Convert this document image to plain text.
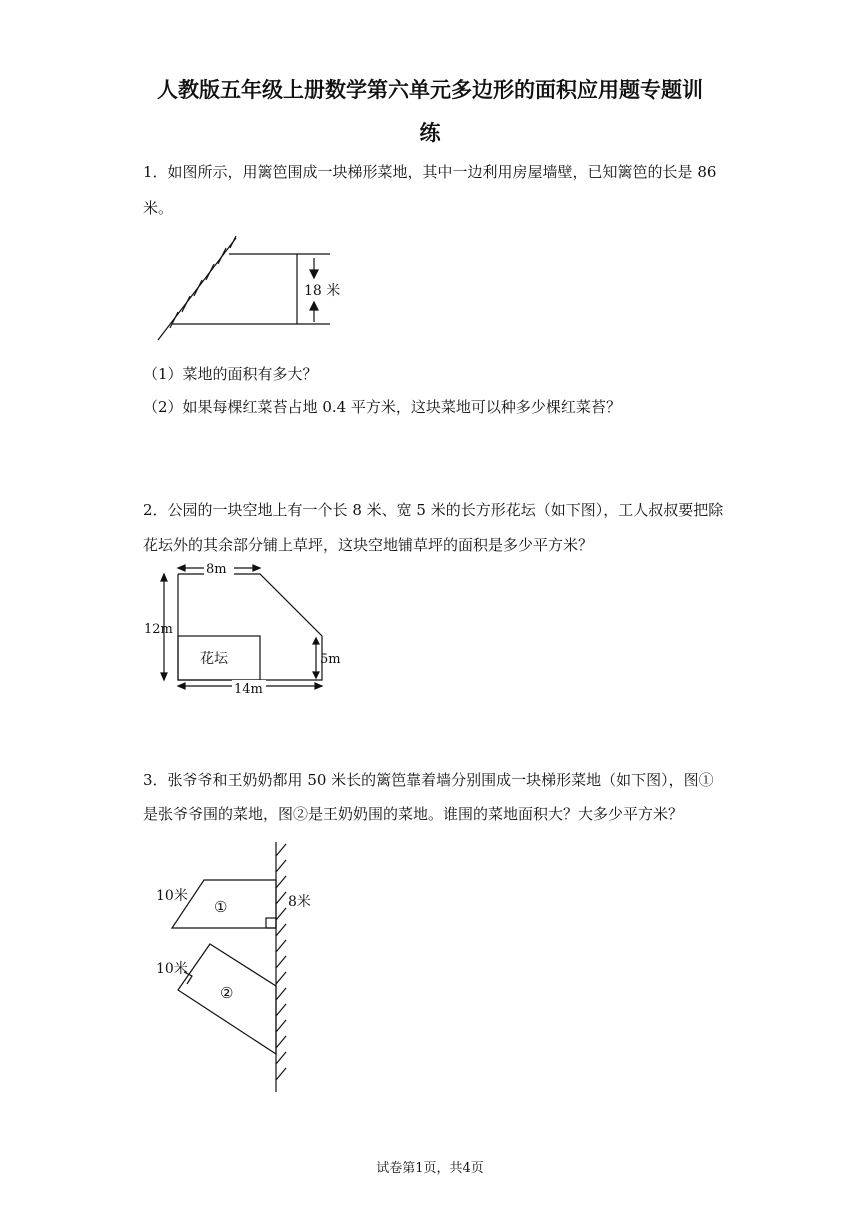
人教版五年级上册数学第六单元多边形的面积应用题专题训
练
1．如图所示，用篱笆围成一块梯形菜地，其中一边利用房屋墙壁，已知篱笆的长是 86
米。
18 米
（1）菜地的面积有多大？
（2）如果每棵红菜苔占地 0.4 平方米，这块菜地可以种多少棵红菜苔？
2．公园的一块空地上有一个长 8 米、宽 5 米的长方形花坛（如下图），工人叔叔要把除
花坛外的其余部分铺上草坪，这块空地铺草坪的面积是多少平方米？
8m
12m
5m
14m
花坛
3．张爷爷和王奶奶都用 50 米长的篱笆靠着墙分别围成一块梯形菜地（如下图），图①
是张爷爷围的菜地，图②是王奶奶围的菜地。谁围的菜地面积大？大多少平方米？
10米
①	8米
10米
②
试卷第1页，共4页
